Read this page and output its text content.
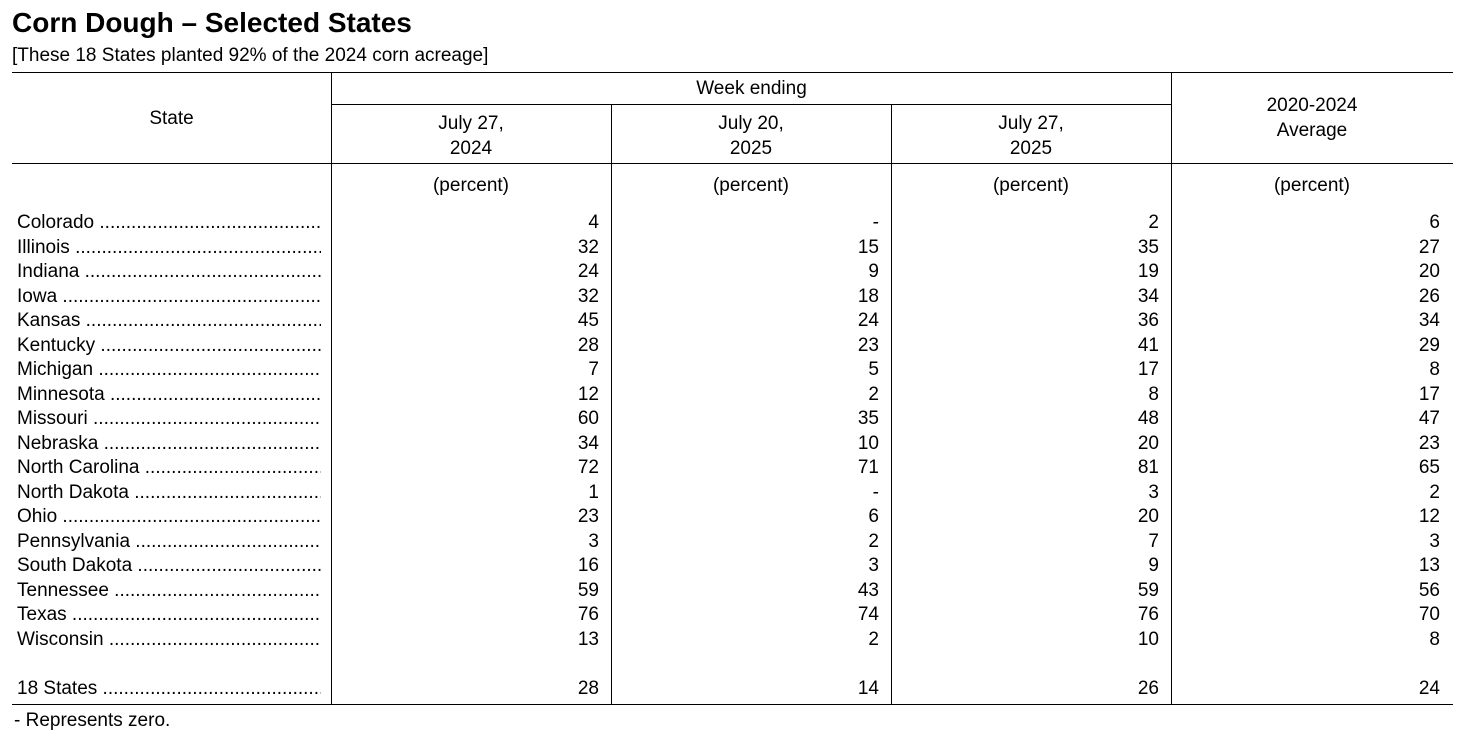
Corn Dough – Selected States
[These 18 States planted 92% of the 2024 corn acreage]
State
Week ending
July 27,
2024
July 20,
2025
July 27,
2025
2020-2024
Average
(percent)	(percent)	(percent)	(percent)
Colorado .....	4	-	2	6
Illinois .....	32	15	35	27
Indiana .....	24	9	19	20
Iowa .....	32	18	34	26
Kansas .....	45	24	36	34
Kentucky .....	28	23	41	29
Michigan .....	7	5	17	8
Minnesota .....	12	2	8	17
Missouri .....	60	35	48	47
Nebraska .....	34	10	20	23
North Carolina .....	72	71	81	65
North Dakota .....	1	-	3	2
Ohio .....	23	6	20	12
Pennsylvania .....	3	2	7	3
South Dakota .....	16	3	9	13
Tennessee .....	59	43	59	56
Texas .....	76	74	76	70
Wisconsin .....	13	2	10	8
18 States .....	28	14	26	24
- Represents zero.
